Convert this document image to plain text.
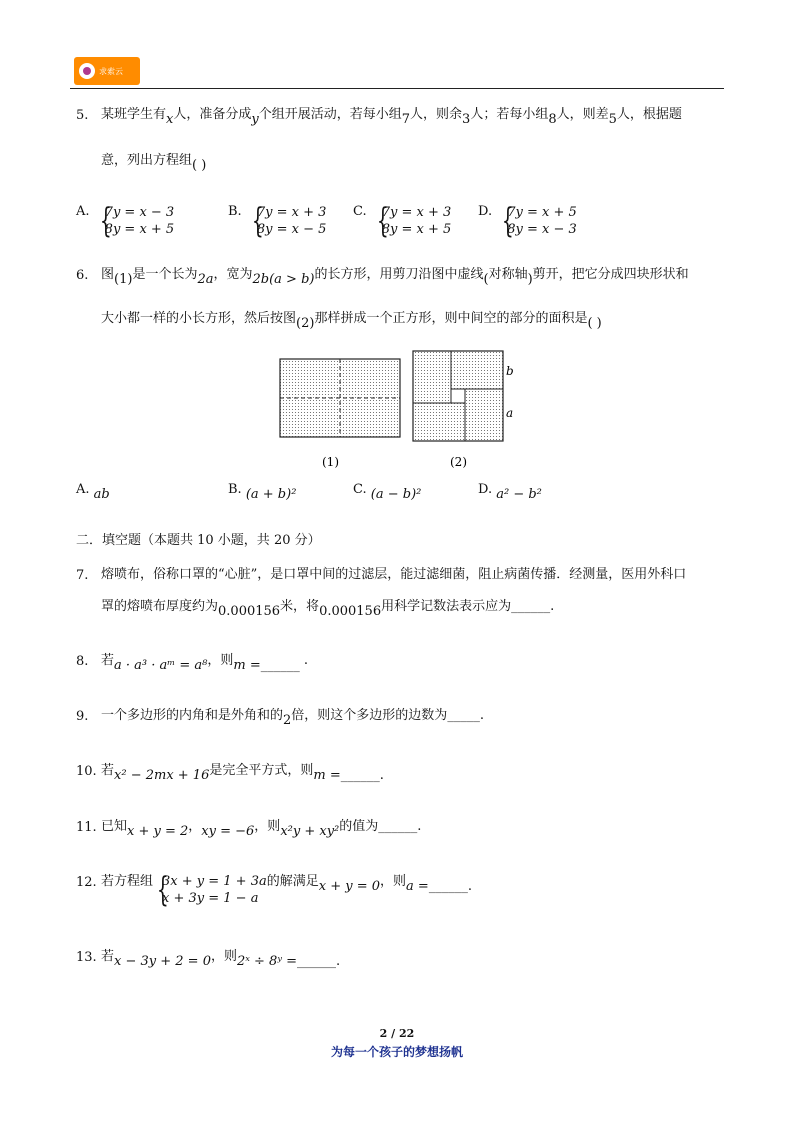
求索云
5. 某班学生有x人，准备分成y个组开展活动，若每小组7人，则余3人；若每小组8人，则差5人，根据题
意，列出方程组( )
A. { 7y = x − 3
8y = x + 5
B. { 7y = x + 3
8y = x − 5
C. { 7y = x + 3
8y = x + 5
D. { 7y = x + 5
8y = x − 3
6. 图(1)是一个长为2a，宽为2b(a > b)的长方形，用剪刀沿图中虚线(对称轴)剪开，把它分成四块形状和
大小都一样的小长方形，然后按图(2)那样拼成一个正方形，则中间空的部分的面积是( )
b
a
(1)	(2)
A. ab	B. (a + b)²	C. (a − b)²	D. a² − b²
二．填空题（本题共 10 小题，共 20 分）
7. 熔喷布，俗称口罩的“心脏”，是口罩中间的过滤层，能过滤细菌，阻止病菌传播．经测量，医用外科口
罩的熔喷布厚度约为0.000156米，将0.000156用科学记数法表示应为______.
8. 若a · a³ · aᵐ = a⁸，则m =______ .
9. 一个多边形的内角和是外角和的2倍，则这个多边形的边数为_____.
10. 若x² − 2mx + 16是完全平方式，则m =______.
11. 已知x + y = 2，xy = −6，则x²y + xy²的值为______.
12. 若方程组 { 3x + y = 1 + 3a
x + 3y = 1 − a的解满足x + y = 0，则a =______.
13. 若x − 3y + 2 = 0，则2ˣ ÷ 8ʸ =______.
2 / 22
为每一个孩子的梦想扬帆
